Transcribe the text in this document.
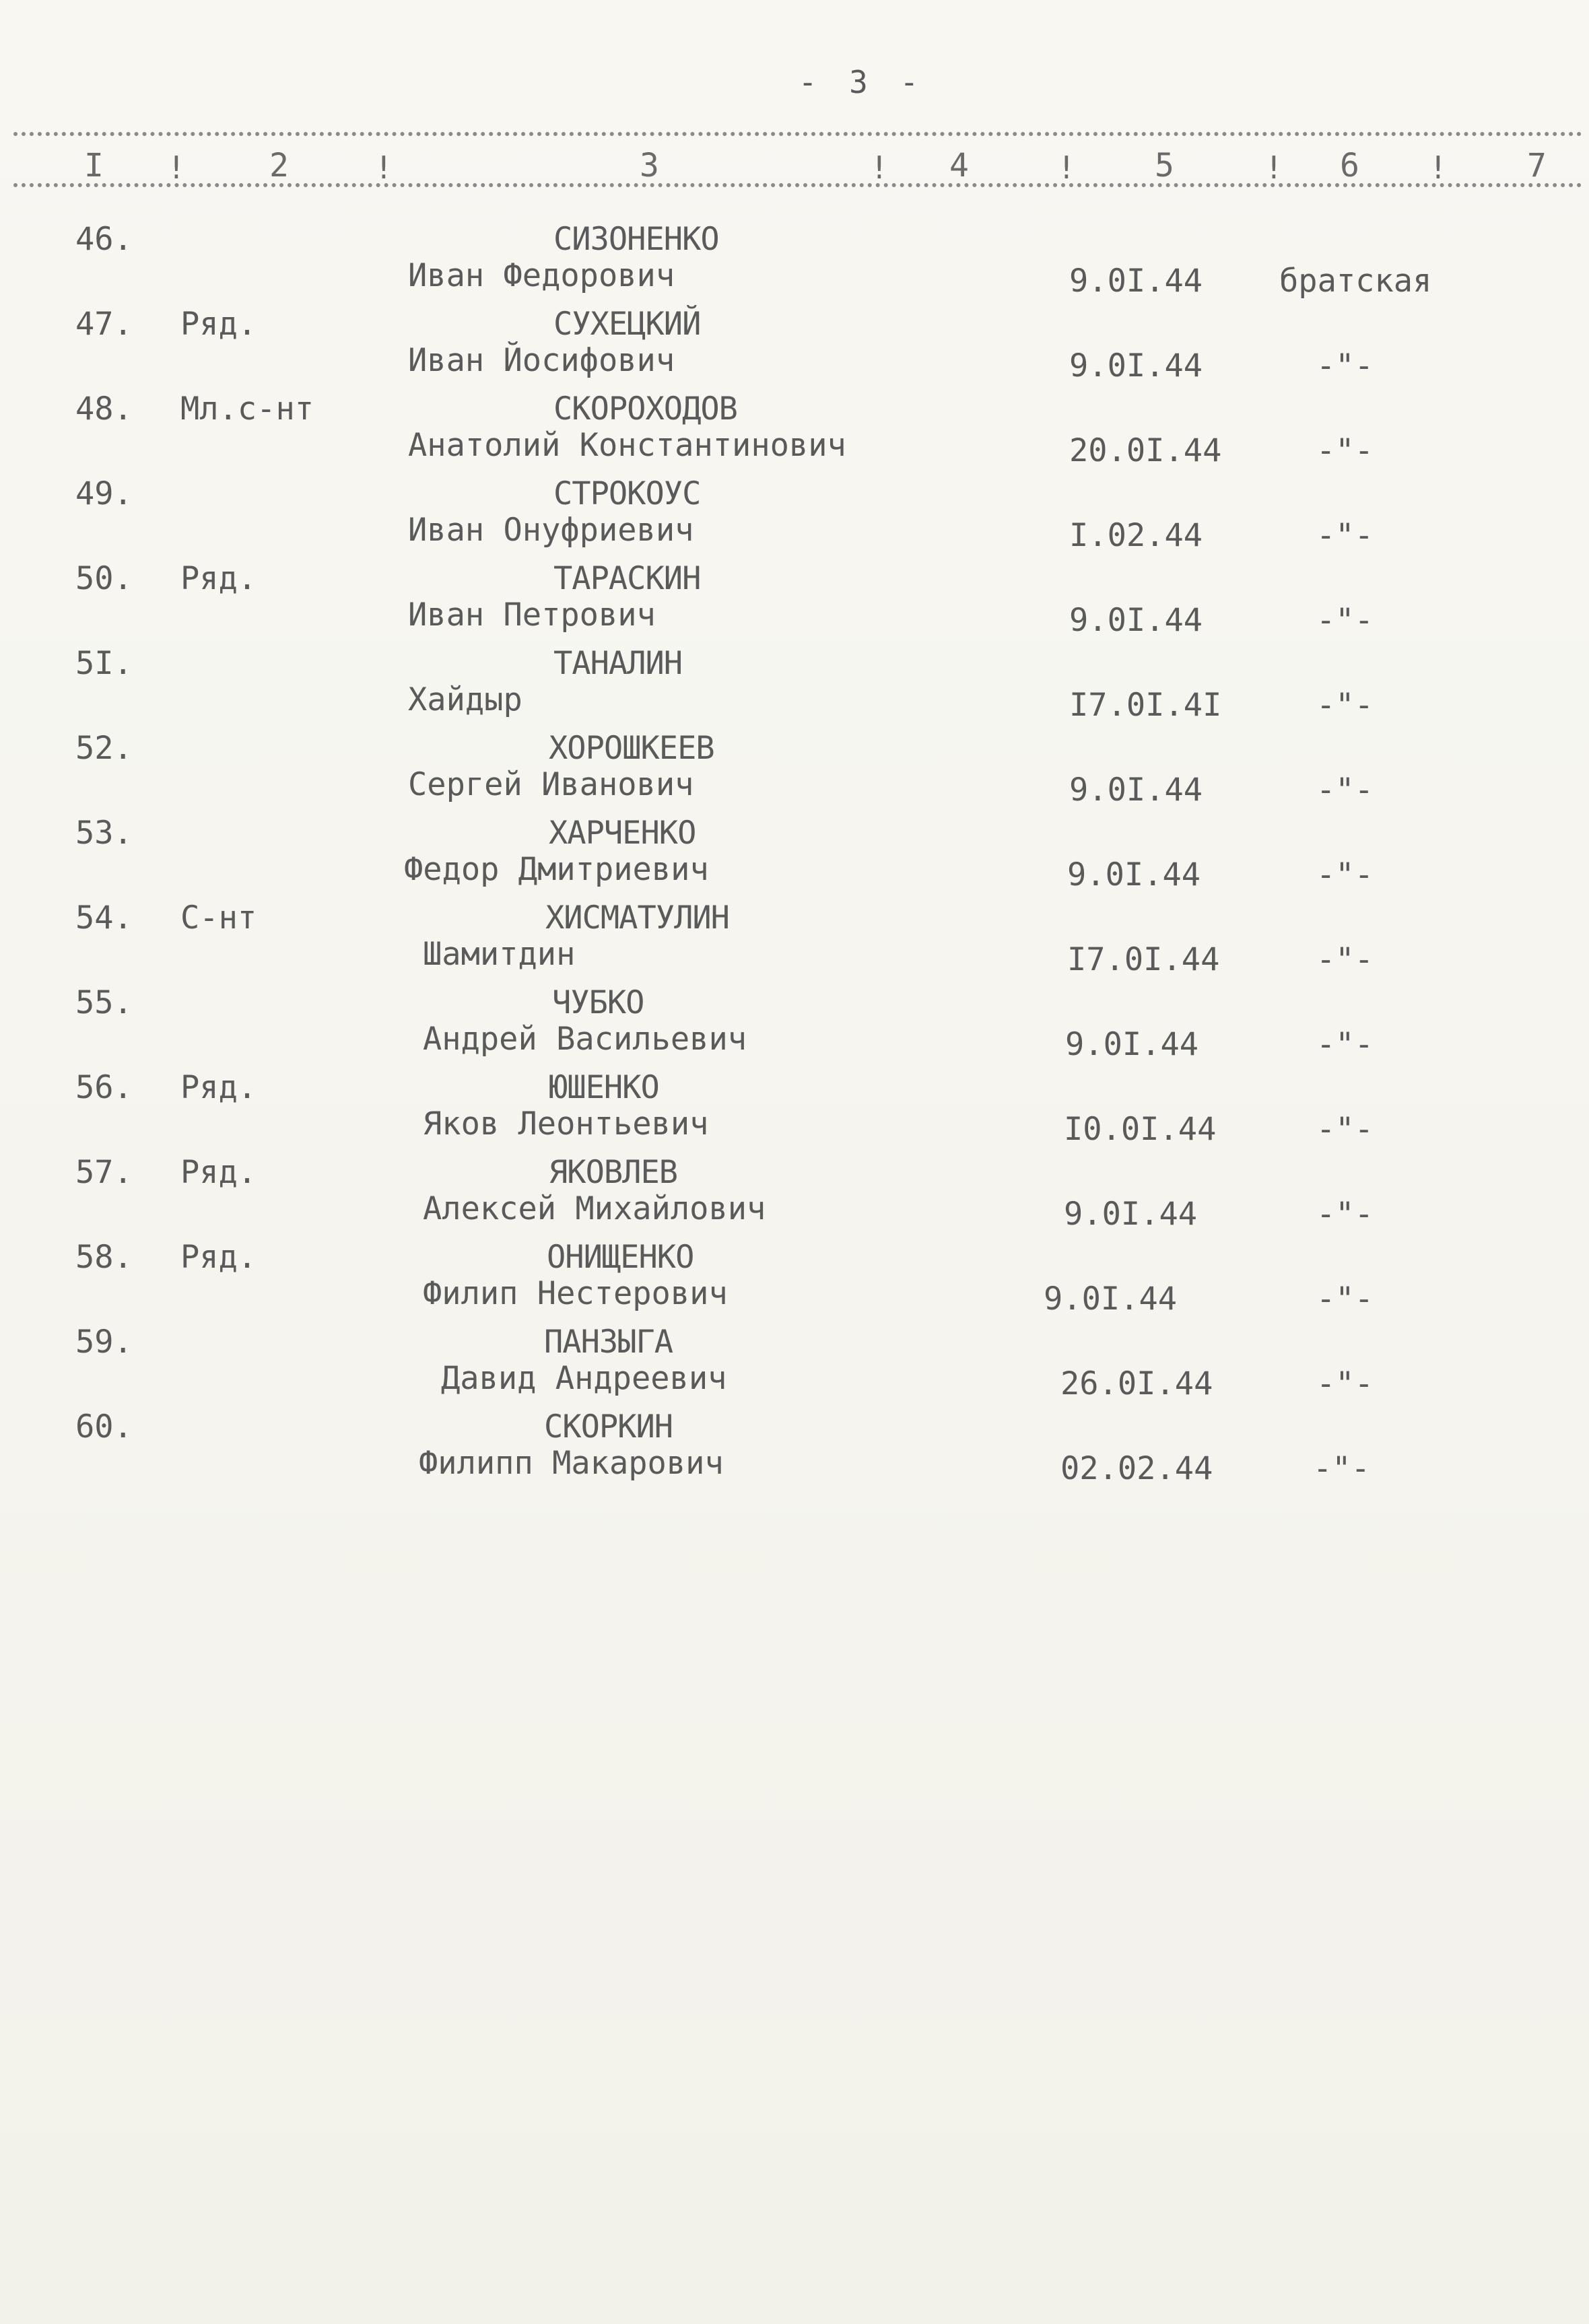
- 3 -
I !	2	!	3	! 4	! 5	! 6 ! 7
46.	СИЗОНЕНКО
Иван Федорович	9.0I.44 братская
47. Ряд.	СУХЕЦКИЙ
Иван Йосифович	9.0I.44	-"-
48. Мл.с-нт	СКОРОХОДОВ
Анатолий Константинович	20.0I.44	-"-
49.	СТРОКОУС
Иван Онуфриевич	I.02.44	-"-
50. Ряд.	ТАРАСКИН
Иван Петрович	9.0I.44	-"-
5I.	ТАНАЛИН
Хайдыр	I7.0I.4I	-"-
52.	ХОРОШКЕЕВ
Сергей Иванович	9.0I.44	-"-
53.	ХАРЧЕНКО
Федор Дмитриевич	9.0I.44	-"-
54. С-нт	ХИСМАТУЛИН
Шамитдин	I7.0I.44	-"-
55.	ЧУБКО
Андрей Васильевич	9.0I.44	-"-
56. Ряд.	ЮШЕНКО
Яков Леонтьевич	I0.0I.44	-"-
57. Ряд.	ЯКОВЛЕВ
Алексей Михайлович	9.0I.44	-"-
58. Ряд.	ОНИЩЕНКО
Филип Нестерович	9.0I.44	-"-
59.	ПАНЗЫГА
Давид Андреевич	26.0I.44	-"-
60.	СКОРКИН
Филипп Макарович	02.02.44	-"-
